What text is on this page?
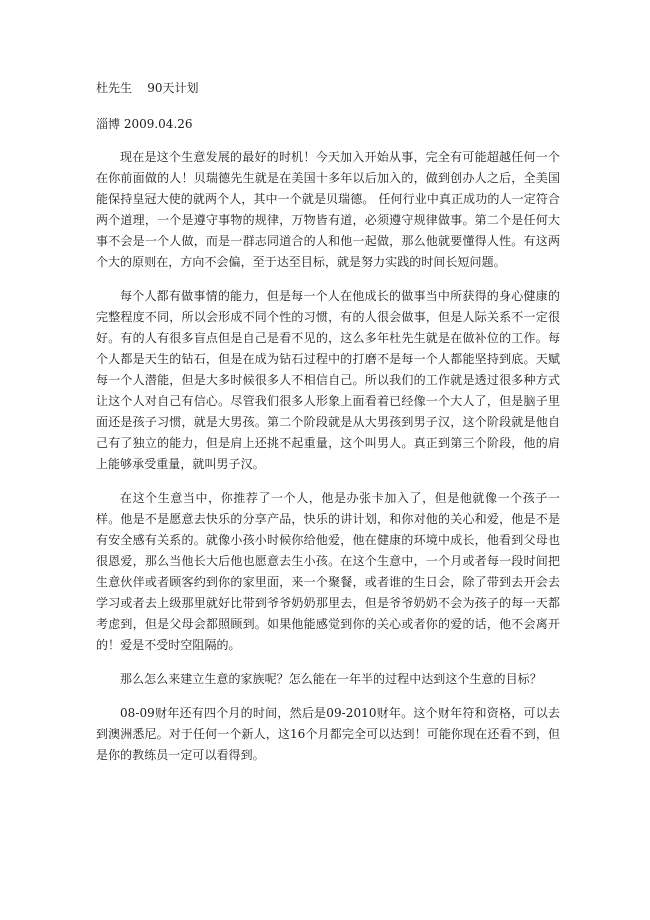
杜先生    90天计划
淄博 2009.04.26

现在是这个生意发展的最好的时机！今天加入开始从事，完全有可能超越任何一个在你前面做的人！贝瑞德先生就是在美国十多年以后加入的，做到创办人之后，全美国能保持皇冠大使的就两个人，其中一个就是贝瑞德。 任何行业中真正成功的人一定符合两个道理，一个是遵守事物的规律，万物皆有道，必须遵守规律做事。第二个是任何大事不会是一个人做，而是一群志同道合的人和他一起做，那么他就要懂得人性。有这两个大的原则在，方向不会偏，至于达至目标，就是努力实践的时间长短问题。

每个人都有做事情的能力，但是每一个人在他成长的做事当中所获得的身心健康的完整程度不同，所以会形成不同个性的习惯，有的人很会做事，但是人际关系不一定很好。有的人有很多盲点但是自己是看不见的，这么多年杜先生就是在做补位的工作。每个人都是天生的钻石，但是在成为钻石过程中的打磨不是每一个人都能坚持到底。天赋每一个人潜能，但是大多时候很多人不相信自己。所以我们的工作就是透过很多种方式让这个人对自己有信心。尽管我们很多人形象上面看着已经像一个大人了，但是脑子里面还是孩子习惯，就是大男孩。第二个阶段就是从大男孩到男子汉，这个阶段就是他自己有了独立的能力，但是肩上还挑不起重量，这个叫男人。真正到第三个阶段，他的肩上能够承受重量，就叫男子汉。

在这个生意当中，你推荐了一个人，他是办张卡加入了，但是他就像一个孩子一样。他是不是愿意去快乐的分享产品，快乐的讲计划，和你对他的关心和爱，他是不是有安全感有关系的。就像小孩小时候你给他爱，他在健康的环境中成长，他看到父母也很恩爱，那么当他长大后他也愿意去生小孩。在这个生意中，一个月或者每一段时间把生意伙伴或者顾客约到你的家里面，来一个聚餐，或者谁的生日会，除了带到去开会去学习或者去上级那里就好比带到爷爷奶奶那里去，但是爷爷奶奶不会为孩子的每一天都考虑到，但是父母会都照顾到。如果他能感觉到你的关心或者你的爱的话，他不会离开的！爱是不受时空阻隔的。

那么怎么来建立生意的家族呢？怎么能在一年半的过程中达到这个生意的目标？

08-09财年还有四个月的时间，然后是09-2010财年。这个财年符和资格，可以去到澳洲悉尼。对于任何一个新人，这16个月都完全可以达到！可能你现在还看不到，但是你的教练员一定可以看得到。
